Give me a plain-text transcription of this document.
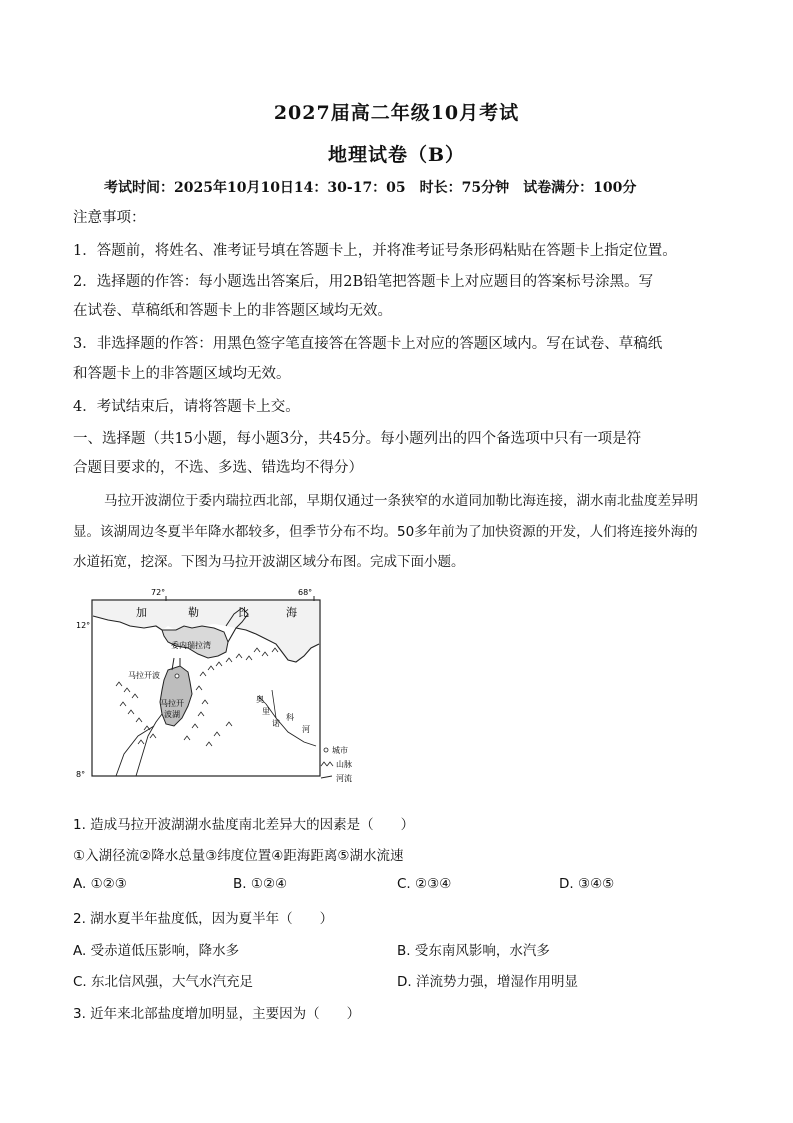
2027届高二年级10月考试
地理试卷（B）
考试时间：2025年10月10日14：30-17：05　时长：75分钟　试卷满分：100分
注意事项：
1．答题前，将姓名、准考证号填在答题卡上，并将准考证号条形码粘贴在答题卡上指定位置。
2．选择题的作答：每小题选出答案后，用2B铅笔把答题卡上对应题目的答案标号涂黑。写
在试卷、草稿纸和答题卡上的非答题区域均无效。
3．非选择题的作答：用黑色签字笔直接答在答题卡上对应的答题区域内。写在试卷、草稿纸
和答题卡上的非答题区域均无效。
4．考试结束后，请将答题卡上交。
一、选择题（共15小题，每小题3分，共45分。每小题列出的四个备选项中只有一项是符
合题目要求的，不选、多选、错选均不得分）
马拉开波湖位于委内瑞拉西北部，早期仅通过一条狭窄的水道同加勒比海连接，湖水南北盐度差异明
显。该湖周边冬夏半年降水都较多，但季节分布不均。50多年前为了加快资源的开发，人们将连接外海的
水道拓宽，挖深。下图为马拉开波湖区域分布图。完成下面小题。
72°	68°
12°
8°
加	勒	比	海
委内瑞拉湾
马拉开波
马拉开
波湖
奥
里
诺
科
河
城市
山脉
河流
1. 造成马拉开波湖湖水盐度南北差异大的因素是（　　）
①入湖径流②降水总量③纬度位置④距海距离⑤湖水流速
A. ①②③	B. ①②④	C. ②③④	D. ③④⑤
2. 湖水夏半年盐度低，因为夏半年（　　）
A. 受赤道低压影响，降水多	B. 受东南风影响，水汽多
C. 东北信风强，大气水汽充足	D. 洋流势力强，增湿作用明显
3. 近年来北部盐度增加明显，主要因为（　　）
